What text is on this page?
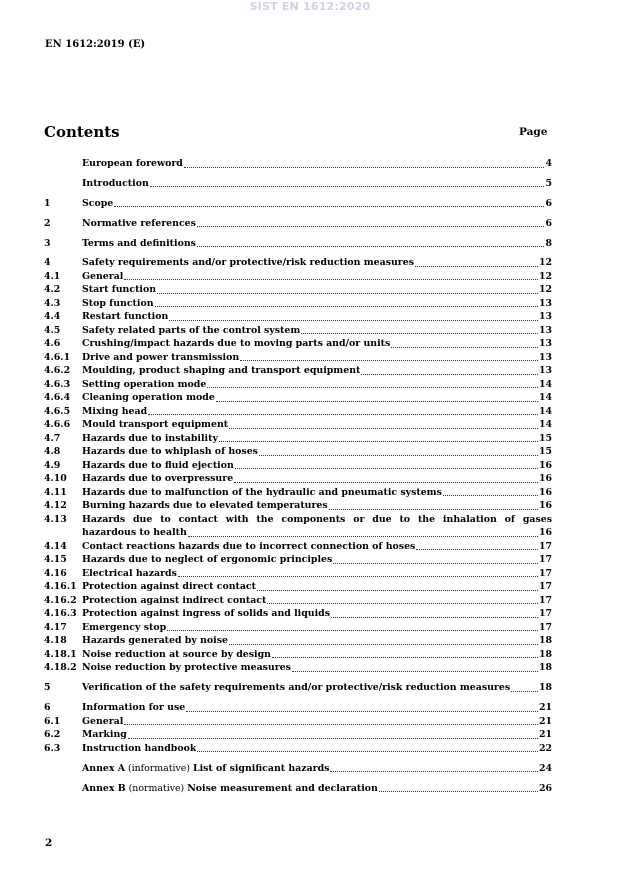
SIST EN 1612:2020
EN 1612:2019 (E)
Contents	Page
European foreword	4
Introduction	5
1	Scope	6
2	Normative references	6
3	Terms and definitions	8
4	Safety requirements and/or protective/risk reduction measures	12
4.1	General	12
4.2	Start function	12
4.3	Stop function	13
4.4	Restart function	13
4.5	Safety related parts of the control system	13
4.6	Crushing/impact hazards due to moving parts and/or units	13
4.6.1	Drive and power transmission	13
4.6.2	Moulding, product shaping and transport equipment	13
4.6.3	Setting operation mode	14
4.6.4	Cleaning operation mode	14
4.6.5	Mixing head	14
4.6.6	Mould transport equipment	14
4.7	Hazards due to instability	15
4.8	Hazards due to whiplash of hoses	15
4.9	Hazards due to fluid ejection	16
4.10	Hazards due to overpressure	16
4.11	Hazards due to malfunction of the hydraulic and pneumatic systems	16
4.12	Burning hazards due to elevated temperatures	16
4.13	Hazards due to contact with the components or due to the inhalation of gases
hazardous to health	16
4.14	Contact reactions hazards due to incorrect connection of hoses	17
4.15	Hazards due to neglect of ergonomic principles	17
4.16	Electrical hazards	17
4.16.1 Protection against direct contact	17
4.16.2 Protection against indirect contact	17
4.16.3 Protection against ingress of solids and liquids	17
4.17	Emergency stop	17
4.18	Hazards generated by noise	18
4.18.1 Noise reduction at source by design	18
4.18.2 Noise reduction by protective measures	18
5	Verification of the safety requirements and/or protective/risk reduction measures	18
6	Information for use	21
6.1	General	21
6.2	Marking	21
6.3	Instruction handbook	22
Annex A (informative) List of significant hazards	24
Annex B (normative) Noise measurement and declaration	26
2
